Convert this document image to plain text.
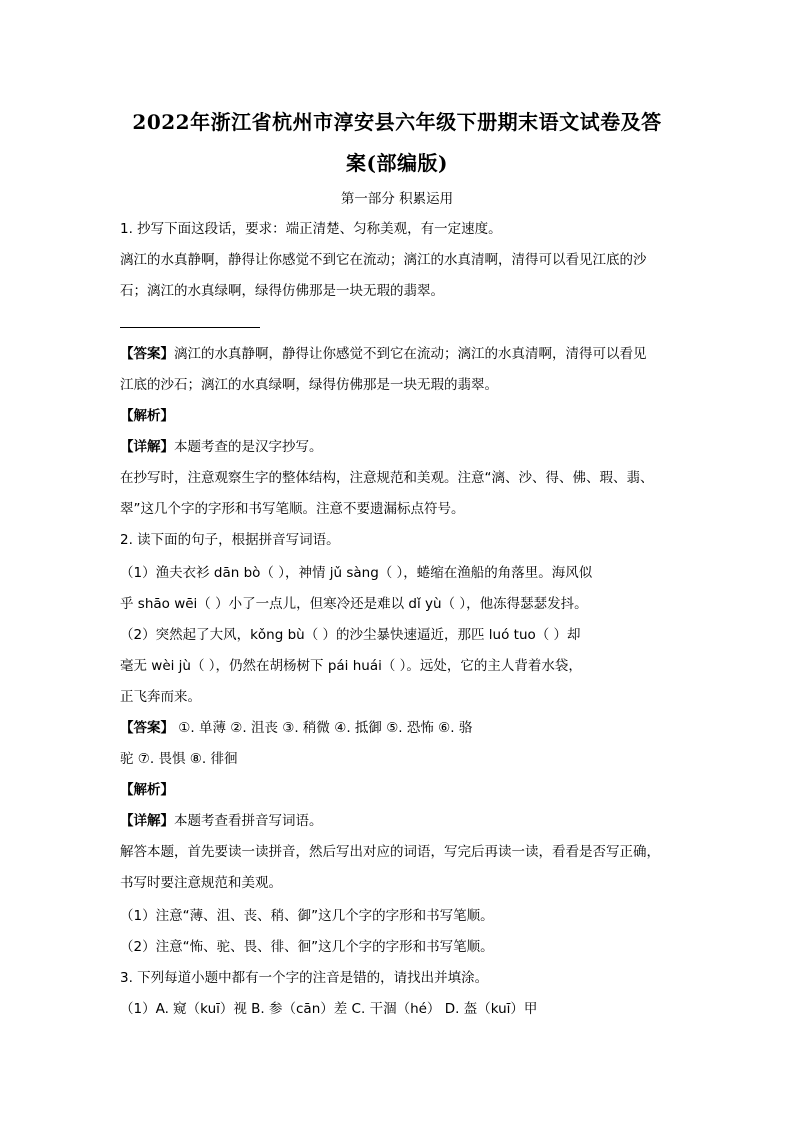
2022年浙江省杭州市淳安县六年级下册期末语文试卷及答
案(部编版)
第一部分 积累运用
1. 抄写下面这段话，要求：端正清楚、匀称美观，有一定速度。
漓江的水真静啊，静得让你感觉不到它在流动；漓江的水真清啊，清得可以看见江底的沙
石；漓江的水真绿啊，绿得仿佛那是一块无瑕的翡翠。
【答案】漓江的水真静啊，静得让你感觉不到它在流动；漓江的水真清啊，清得可以看见
江底的沙石；漓江的水真绿啊，绿得仿佛那是一块无瑕的翡翠。
【解析】
【详解】本题考查的是汉字抄写。
在抄写时，注意观察生字的整体结构，注意规范和美观。注意“漓、沙、得、佛、瑕、翡、
翠”这几个字的字形和书写笔顺。注意不要遗漏标点符号。
2. 读下面的句子，根据拼音写词语。
（1）渔夫衣衫 dān bò（ ），神情 jǔ sàng（ ），蜷缩在渔船的角落里。海风似
乎 shāo wēi（ ）小了一点儿，但寒冷还是难以 dǐ yù（ ），他冻得瑟瑟发抖。
（2）突然起了大风，kǒng bù（ ）的沙尘暴快速逼近，那匹 luó tuo（ ）却
毫无 wèi jù（ ），仍然在胡杨树下 pái huái（ ）。远处，它的主人背着水袋，
正飞奔而来。
【答案】 ①. 单薄 ②. 沮丧 ③. 稍微 ④. 抵御 ⑤. 恐怖 ⑥. 骆
驼 ⑦. 畏惧 ⑧. 徘徊
【解析】
【详解】本题考查看拼音写词语。
解答本题，首先要读一读拼音，然后写出对应的词语，写完后再读一读，看看是否写正确，
书写时要注意规范和美观。
（1）注意“薄、沮、丧、稍、御”这几个字的字形和书写笔顺。
（2）注意“怖、驼、畏、徘、徊”这几个字的字形和书写笔顺。
3. 下列每道小题中都有一个字的注音是错的，请找出并填涂。
（1）A. 窥（kuī）视 B. 参（cān）差 C. 干涸（hé） D. 盔（kuī）甲
